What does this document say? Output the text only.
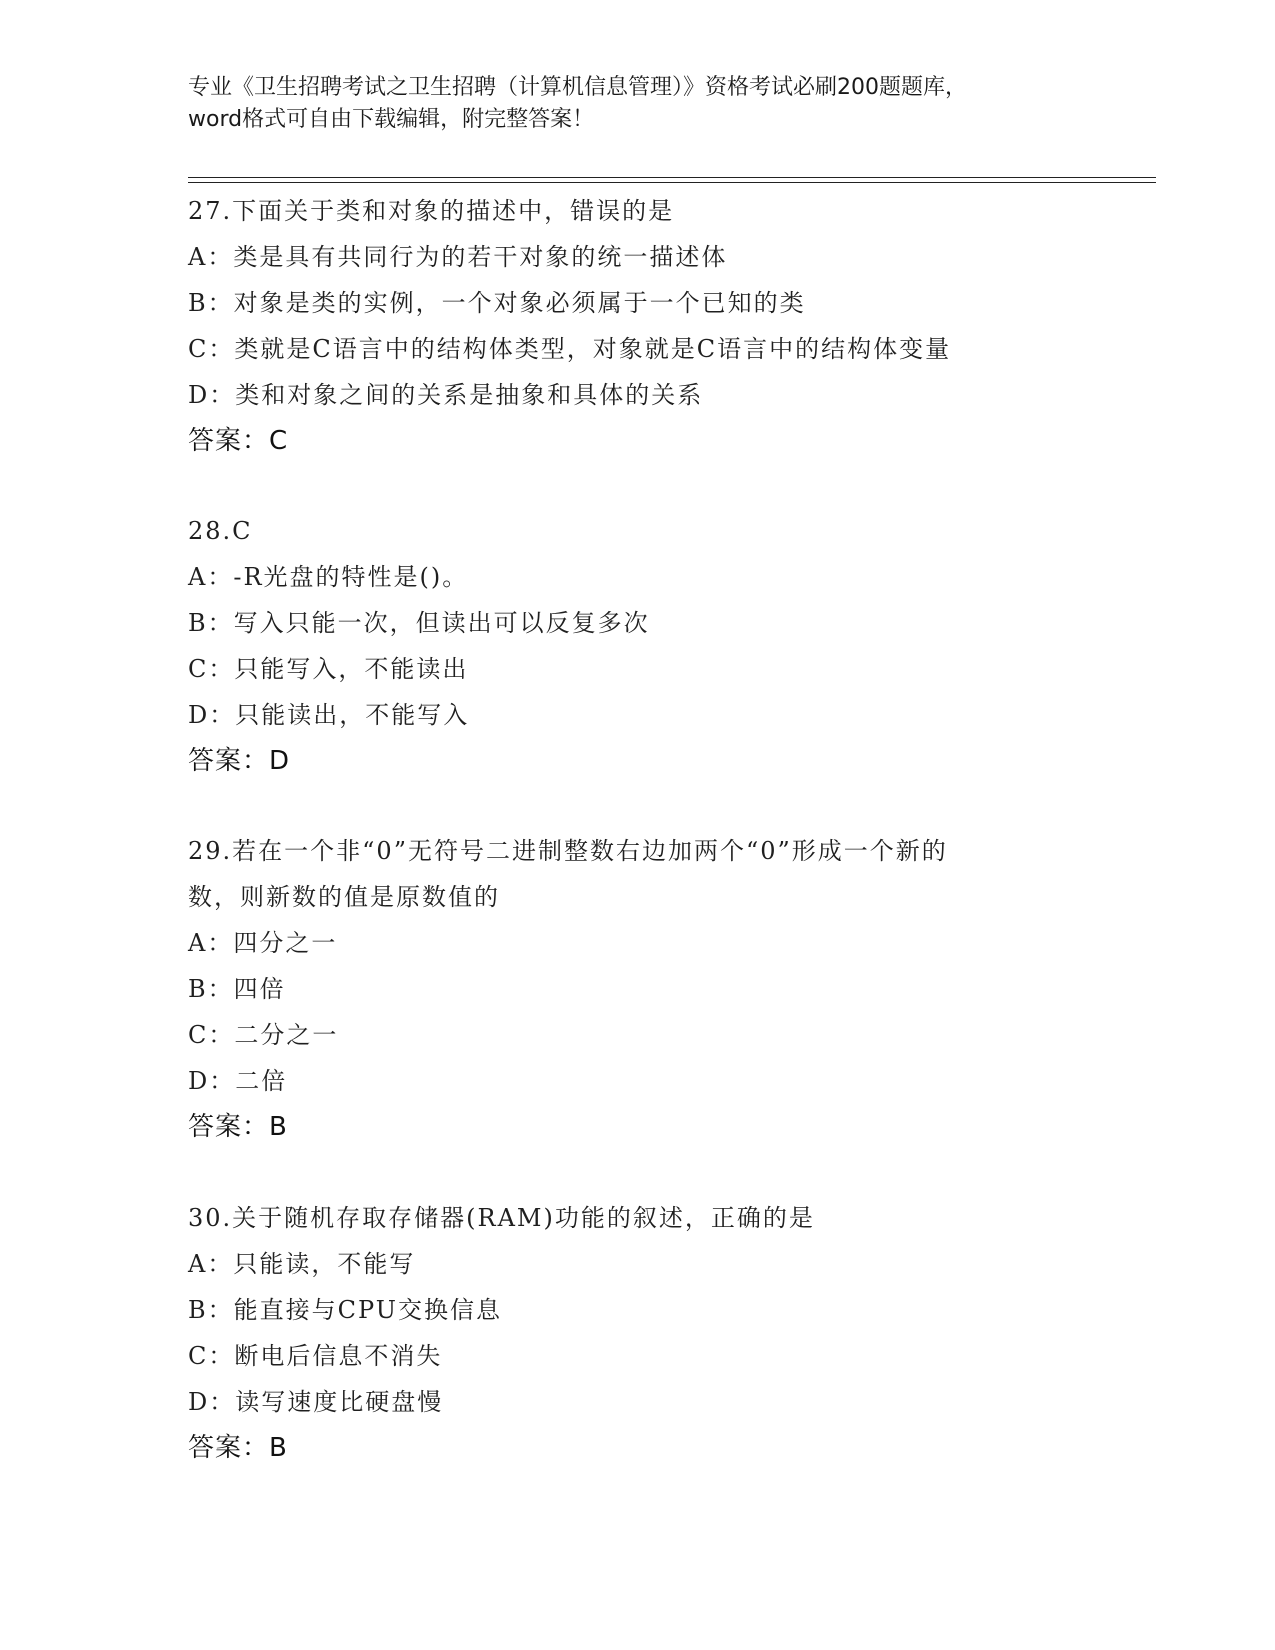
专业《卫生招聘考试之卫生招聘（计算机信息管理）》资格考试必刷200题题库，
word格式可自由下载编辑，附完整答案！
27.下面关于类和对象的描述中，错误的是
A：类是具有共同行为的若干对象的统一描述体
B：对象是类的实例，一个对象必须属于一个已知的类
C：类就是C语言中的结构体类型，对象就是C语言中的结构体变量
D：类和对象之间的关系是抽象和具体的关系
答案：C
28.C
A：-R光盘的特性是()。
B：写入只能一次，但读出可以反复多次
C：只能写入，不能读出
D：只能读出，不能写入
答案：D
29.若在一个非“0”无符号二进制整数右边加两个“0”形成一个新的
数，则新数的值是原数值的
A：四分之一
B：四倍
C：二分之一
D：二倍
答案：B
30.关于随机存取存储器(RAM)功能的叙述，正确的是
A：只能读，不能写
B：能直接与CPU交换信息
C：断电后信息不消失
D：读写速度比硬盘慢
答案：B
